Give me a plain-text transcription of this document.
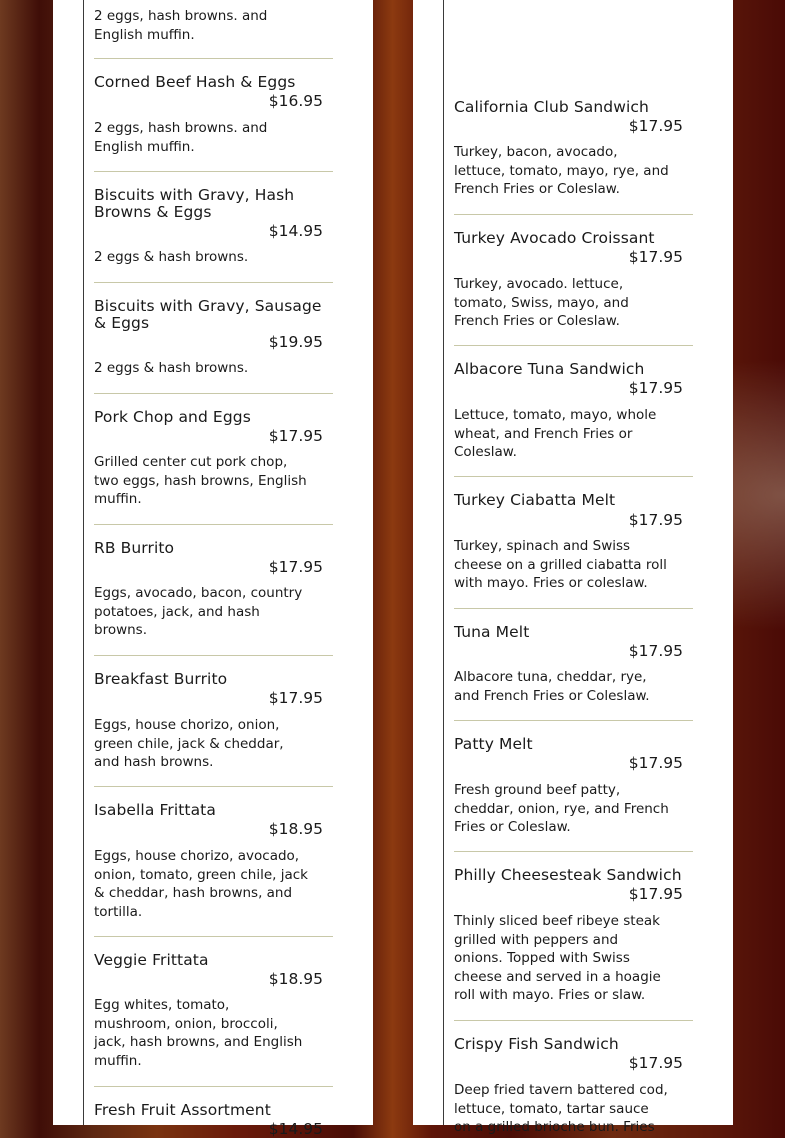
2 eggs, hash browns. and English muffin.
Corned Beef Hash & Eggs
$16.95
2 eggs, hash browns. and English muffin.
Biscuits with Gravy, Hash Browns & Eggs
$14.95
2 eggs & hash browns.
Biscuits with Gravy, Sausage & Eggs
$19.95
2 eggs & hash browns.
Pork Chop and Eggs
$17.95
Grilled center cut pork chop, two eggs, hash browns, English muffin.
RB Burrito
$17.95
Eggs, avocado, bacon, country potatoes, jack, and hash browns.
Breakfast Burrito
$17.95
Eggs, house chorizo, onion, green chile, jack & cheddar, and hash browns.
Isabella Frittata
$18.95
Eggs, house chorizo, avocado, onion, tomato, green chile, jack & cheddar, hash browns, and tortilla.
Veggie Frittata
$18.95
Egg whites, tomato, mushroom, onion, broccoli, jack, hash browns, and English muffin.
Fresh Fruit Assortment
$14.95
California Club Sandwich
$17.95
Turkey, bacon, avocado, lettuce, tomato, mayo, rye, and French Fries or Coleslaw.
Turkey Avocado Croissant
$17.95
Turkey, avocado. lettuce, tomato, Swiss, mayo, and French Fries or Coleslaw.
Albacore Tuna Sandwich
$17.95
Lettuce, tomato, mayo, whole wheat, and French Fries or Coleslaw.
Turkey Ciabatta Melt
$17.95
Turkey, spinach and Swiss cheese on a grilled ciabatta roll with mayo. Fries or coleslaw.
Tuna Melt
$17.95
Albacore tuna, cheddar, rye, and French Fries or Coleslaw.
Patty Melt
$17.95
Fresh ground beef patty, cheddar, onion, rye, and French Fries or Coleslaw.
Philly Cheesesteak Sandwich
$17.95
Thinly sliced beef ribeye steak grilled with peppers and onions. Topped with Swiss cheese and served in a hoagie roll with mayo. Fries or slaw.
Crispy Fish Sandwich
$17.95
Deep fried tavern battered cod, lettuce, tomato, tartar sauce on a grilled brioche bun. Fries
